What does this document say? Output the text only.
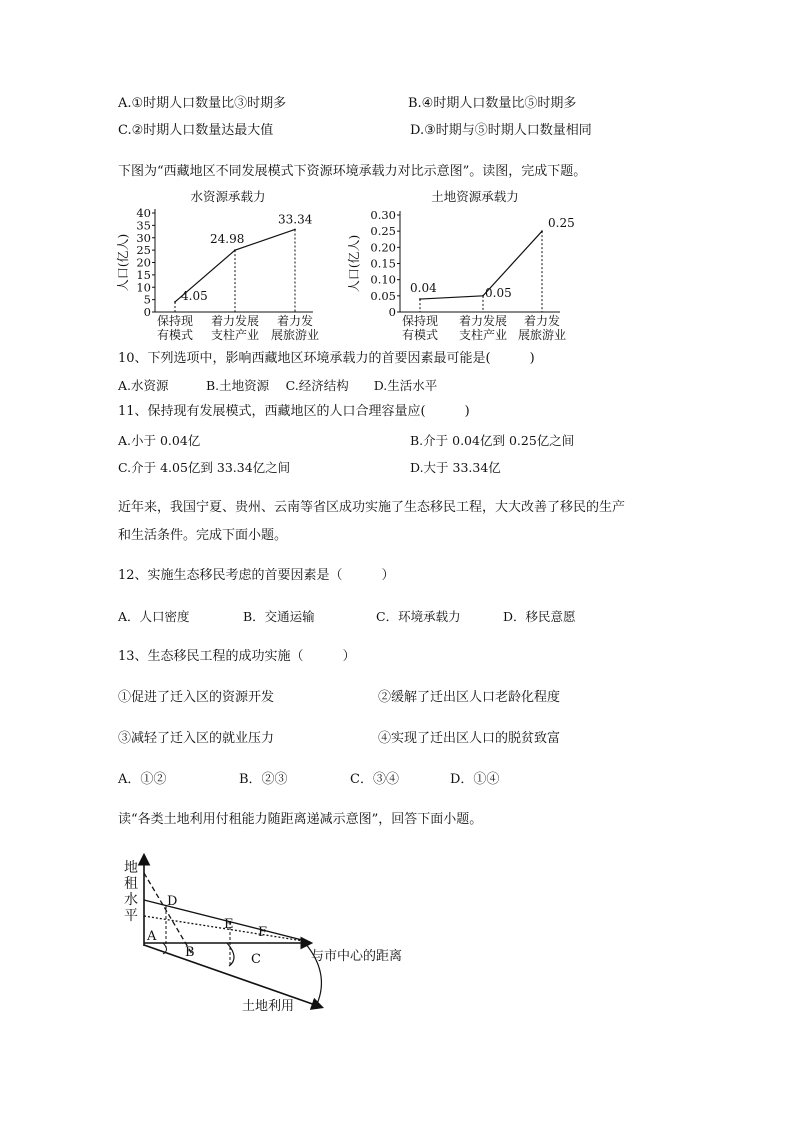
A.①时期人口数量比③时期多	B.④时期人口数量比⑤时期多
C.②时期人口数量达最大值	D.③时期与⑤时期人口数量相同
下图为“西藏地区不同发展模式下资源环境承载力对比示意图”。读图，完成下题。
水资源承载力
人口(亿人)
0
5
10
15
20
25
30
35
40
4.05
24.98
33.34
保持现
有模式
着力发展
支柱产业
着力发
展旅游业
土地资源承载力
人口(亿人)
0
0.05
0.10
0.15
0.20
0.25
0.30
0.04	0.05
0.25
保持现
有模式
着力发展
支柱产业
着力发
展旅游业
10、下列选项中，影响西藏地区环境承载力的首要因素最可能是(　　　)
A.水资源　　　B.土地资源　 C.经济结构　　D.生活水平
11、保持现有发展模式，西藏地区的人口合理容量应(　　　)
A.小于 0.04亿	B.介于 0.04亿到 0.25亿之间
C.介于 4.05亿到 33.34亿之间	D.大于 33.34亿
近年来，我国宁夏、贵州、云南等省区成功实施了生态移民工程，大大改善了移民的生产
和生活条件。完成下面小题。
12、实施生态移民考虑的首要因素是（　　　）
A．人口密度	B．交通运输	C．环境承载力	D．移民意愿
13、生态移民工程的成功实施（　　　）
①促进了迁入区的资源开发	②缓解了迁出区人口老龄化程度
③减轻了迁入区的就业压力	④实现了迁出区人口的脱贫致富
A．①②	B．②③	C．③④	D．①④
读“各类土地利用付租能力随距离递减示意图”，回答下面小题。
地
租
水
平
A
B	C
D
E
F
与市中心的距离
土地利用
